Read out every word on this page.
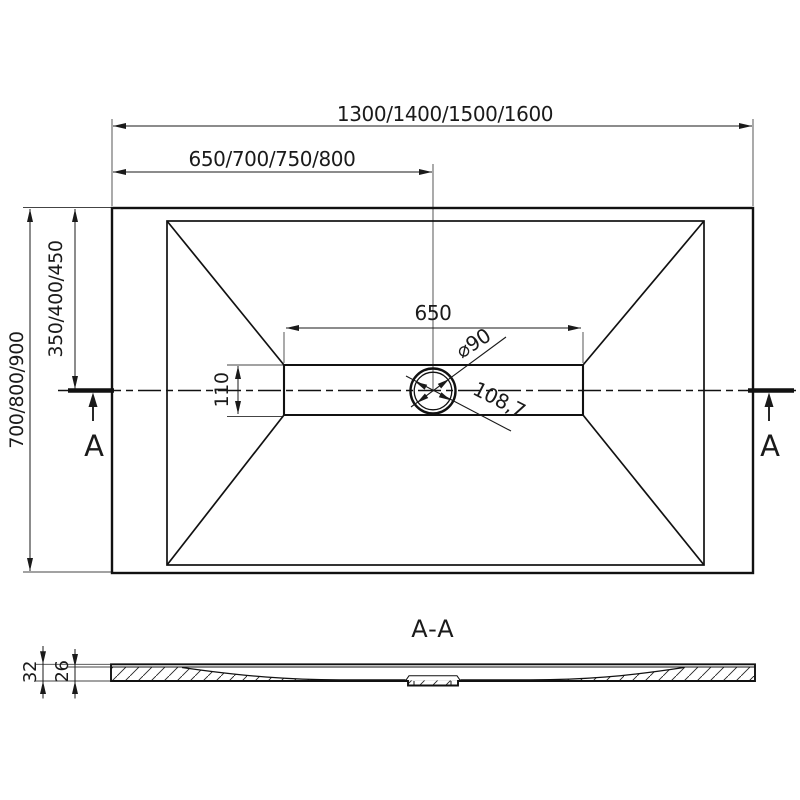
1300/1400/1500/1600
650/700/750/800
700/800/900
350/400/450	650
110
⌀90
108,7
A	A
A-A
32 26
